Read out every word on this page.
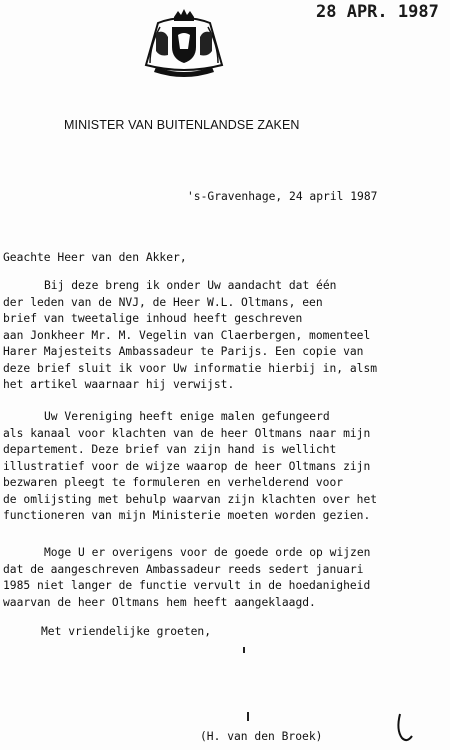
28 APR. 1987
MINISTER VAN BUITENLANDSE ZAKEN
's-Gravenhage, 24 april 1987
Geachte Heer van den Akker,
Bij deze breng ik onder Uw aandacht dat één
der leden van de NVJ, de Heer W.L. Oltmans, een
brief van tweetalige inhoud heeft geschreven
aan Jonkheer Mr. M. Vegelin van Claerbergen, momenteel
Harer Majesteits Ambassadeur te Parijs. Een copie van
deze brief sluit ik voor Uw informatie hierbij in, alsm
het artikel waarnaar hij verwijst.
Uw Vereniging heeft enige malen gefungeerd
als kanaal voor klachten van de heer Oltmans naar mijn
departement. Deze brief van zijn hand is wellicht
illustratief voor de wijze waarop de heer Oltmans zijn
bezwaren pleegt te formuleren en verhelderend voor
de omlijsting met behulp waarvan zijn klachten over het
functioneren van mijn Ministerie moeten worden gezien.
Moge U er overigens voor de goede orde op wijzen
dat de aangeschreven Ambassadeur reeds sedert januari
1985 niet langer de functie vervult in de hoedanigheid
waarvan de heer Oltmans hem heeft aangeklaagd.
Met vriendelijke groeten,
(H. van den Broek)
